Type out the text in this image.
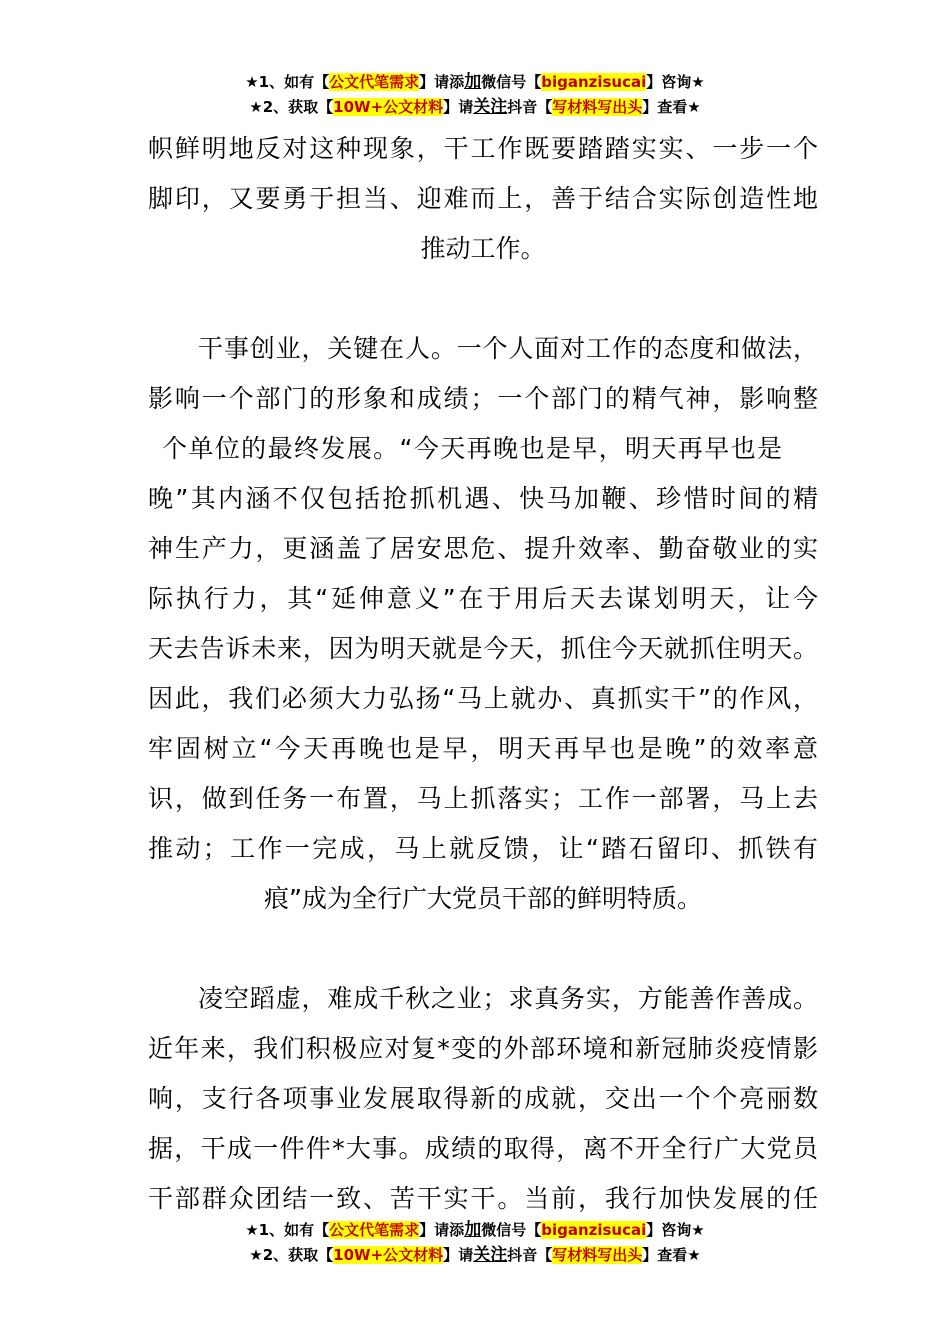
★1、如有【公文代笔需求】请添加微信号【biganzisucai】咨询★
★2、获取【10W+公文材料】请关注抖音【写材料写出头】查看★
帜鲜明地反对这种现象，干工作既要踏踏实实、一步一个
脚印，又要勇于担当、迎难而上，善于结合实际创造性地
推动工作。
干事创业，关键在人。一个人面对工作的态度和做法，
影响一个部门的形象和成绩；一个部门的精气神，影响整
个单位的最终发展。“今天再晚也是早，明天再早也是
晚”其内涵不仅包括抢抓机遇、快马加鞭、珍惜时间的精
神生产力，更涵盖了居安思危、提升效率、勤奋敬业的实
际执行力，其“延伸意义”在于用后天去谋划明天，让今
天去告诉未来，因为明天就是今天，抓住今天就抓住明天。
因此，我们必须大力弘扬“马上就办、真抓实干”的作风，
牢固树立“今天再晚也是早，明天再早也是晚”的效率意
识，做到任务一布置，马上抓落实；工作一部署，马上去
推动；工作一完成，马上就反馈，让“踏石留印、抓铁有
痕”成为全行广大党员干部的鲜明特质。
凌空蹈虚，难成千秋之业；求真务实，方能善作善成。
近年来，我们积极应对复*变的外部环境和新冠肺炎疫情影
响，支行各项事业发展取得新的成就，交出一个个亮丽数
据，干成一件件*大事。成绩的取得，离不开全行广大党员
干部群众团结一致、苦干实干。当前，我行加快发展的任
★1、如有【公文代笔需求】请添加微信号【biganzisucai】咨询★
★2、获取【10W+公文材料】请关注抖音【写材料写出头】查看★
